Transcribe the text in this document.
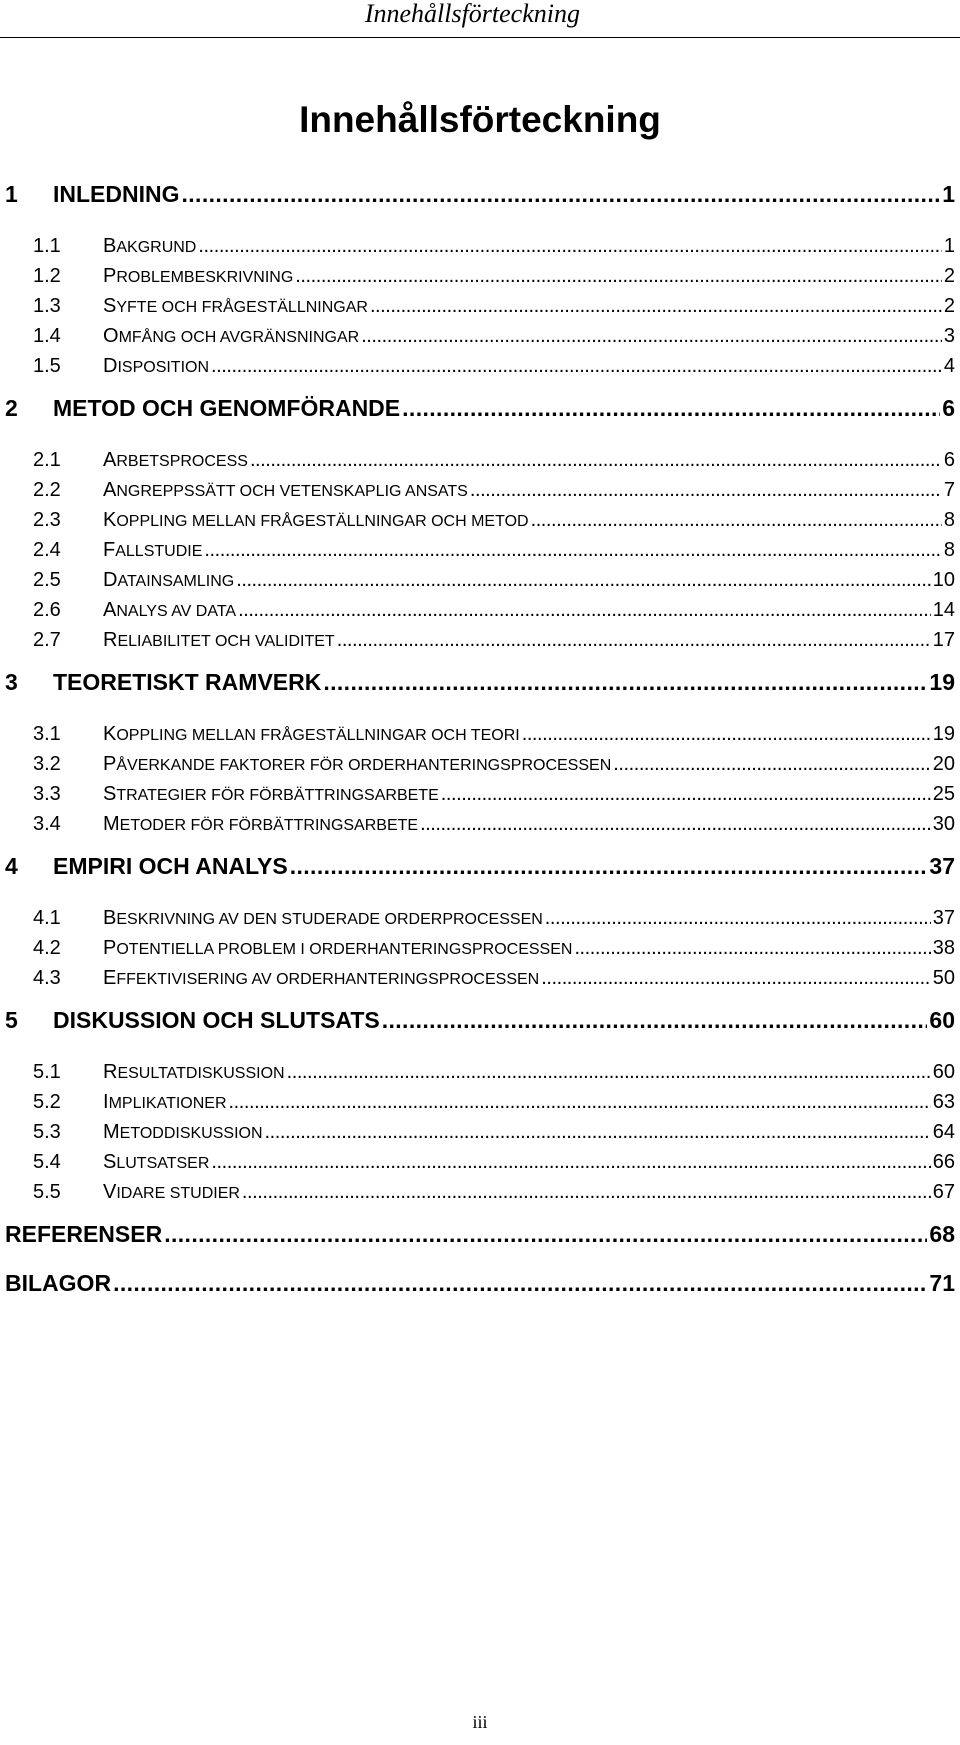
Innehållsförteckning
Innehållsförteckning
1	INLEDNING . . .	1
1.1	BAKGRUND . . .	1
1.2	PROBLEMBESKRIVNING . . .	2
1.3	SYFTE OCH FRÅGESTÄLLNINGAR . . .	2
1.4	OMFÅNG OCH AVGRÄNSNINGAR . . .	3
1.5	DISPOSITION . . .	4
2	METOD OCH GENOMFÖRANDE . . .	6
2.1	ARBETSPROCESS . . .	6
2.2	ANGREPPSSÄTT OCH VETENSKAPLIG ANSATS . . .	7
2.3	KOPPLING MELLAN FRÅGESTÄLLNINGAR OCH METOD . . .	8
2.4	FALLSTUDIE . . .	8
2.5	DATAINSAMLING . . .	10
2.6	ANALYS AV DATA . . .	14
2.7	RELIABILITET OCH VALIDITET . . .	17
3	TEORETISKT RAMVERK . . .	19
3.1	KOPPLING MELLAN FRÅGESTÄLLNINGAR OCH TEORI . . .	19
3.2	PÅVERKANDE FAKTORER FÖR ORDERHANTERINGSPROCESSEN . . .	20
3.3	STRATEGIER FÖR FÖRBÄTTRINGSARBETE . . .	25
3.4	METODER FÖR FÖRBÄTTRINGSARBETE . . .	30
4	EMPIRI OCH ANALYS . . .	37
4.1	BESKRIVNING AV DEN STUDERADE ORDERPROCESSEN . . .	37
4.2	POTENTIELLA PROBLEM I ORDERHANTERINGSPROCESSEN . . .	38
4.3	EFFEKTIVISERING AV ORDERHANTERINGSPROCESSEN . . .	50
5	DISKUSSION OCH SLUTSATS . . .	60
5.1	RESULTATDISKUSSION . . .	60
5.2	IMPLIKATIONER . . .	63
5.3	METODDISKUSSION . . .	64
5.4	SLUTSATSER . . .	66
5.5	VIDARE STUDIER . . .	67
REFERENSER . . .	68
BILAGOR . . .	71
iii
